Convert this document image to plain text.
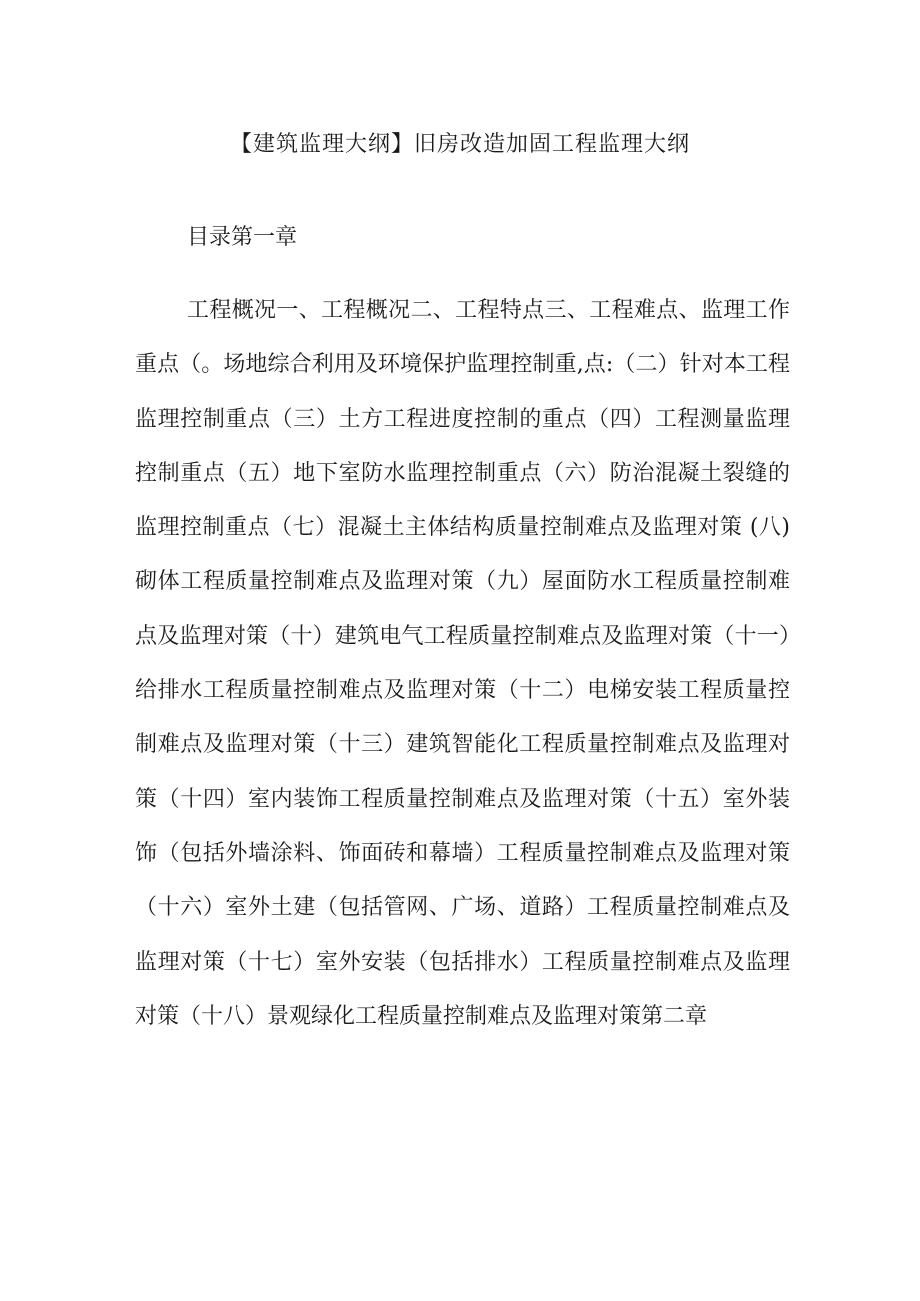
【建筑监理大纲】旧房改造加固工程监理大纲

目录第一章

工程概况一、工程概况二、工程特点三、工程难点、监理工作重点（。场地综合利用及环境保护监理控制重,点:（二）针对本工程监理控制重点（三）土方工程进度控制的重点（四）工程测量监理控制重点（五）地下室防水监理控制重点（六）防治混凝土裂缝的监理控制重点（七）混凝土主体结构质量控制难点及监理对策 (八) 砌体工程质量控制难点及监理对策（九）屋面防水工程质量控制难点及监理对策（十）建筑电气工程质量控制难点及监理对策（十一）给排水工程质量控制难点及监理对策（十二）电梯安装工程质量控制难点及监理对策（十三）建筑智能化工程质量控制难点及监理对策（十四）室内装饰工程质量控制难点及监理对策（十五）室外装饰（包括外墙涂料、饰面砖和幕墙）工程质量控制难点及监理对策（十六）室外土建（包括管网、广场、道路）工程质量控制难点及监理对策（十七）室外安装（包括排水）工程质量控制难点及监理对策（十八）景观绿化工程质量控制难点及监理对策第二章
